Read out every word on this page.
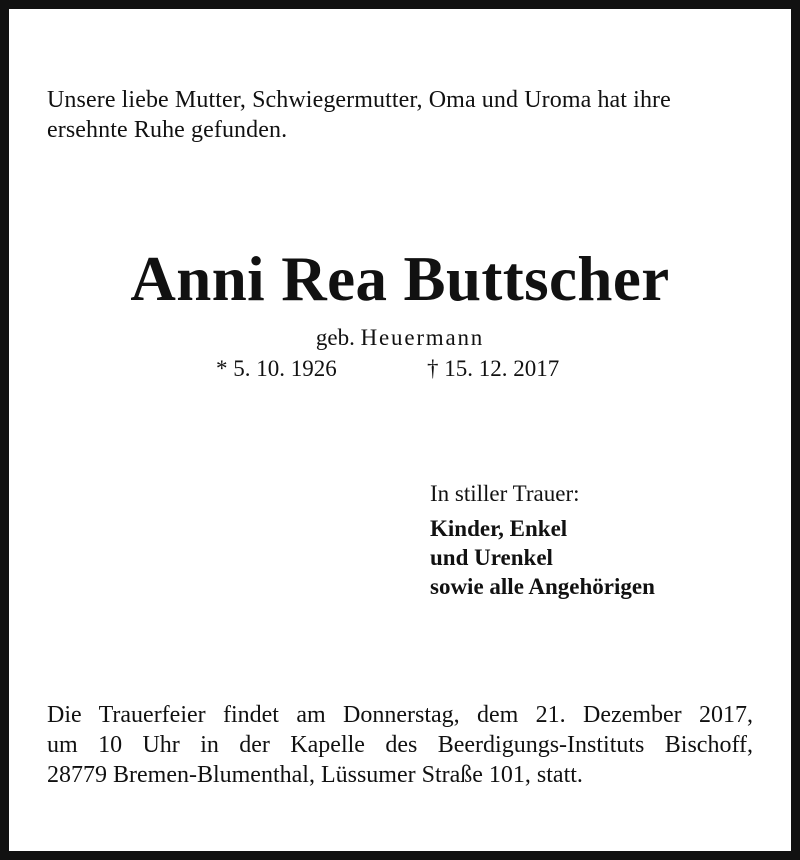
Unsere liebe Mutter, Schwiegermutter, Oma und Uroma hat ihre
ersehnte Ruhe gefunden.

Anni Rea Buttscher

geb. Heuermann

* 5. 10. 1926	† 15. 12. 2017

In stiller Trauer:

Kinder, Enkel
und Urenkel
sowie alle Angehörigen

Die Trauerfeier findet am Donnerstag, dem 21. Dezember 2017,
um 10 Uhr in der Kapelle des Beerdigungs-Instituts Bischoff,
28779 Bremen-Blumenthal, Lüssumer Straße 101, statt.
